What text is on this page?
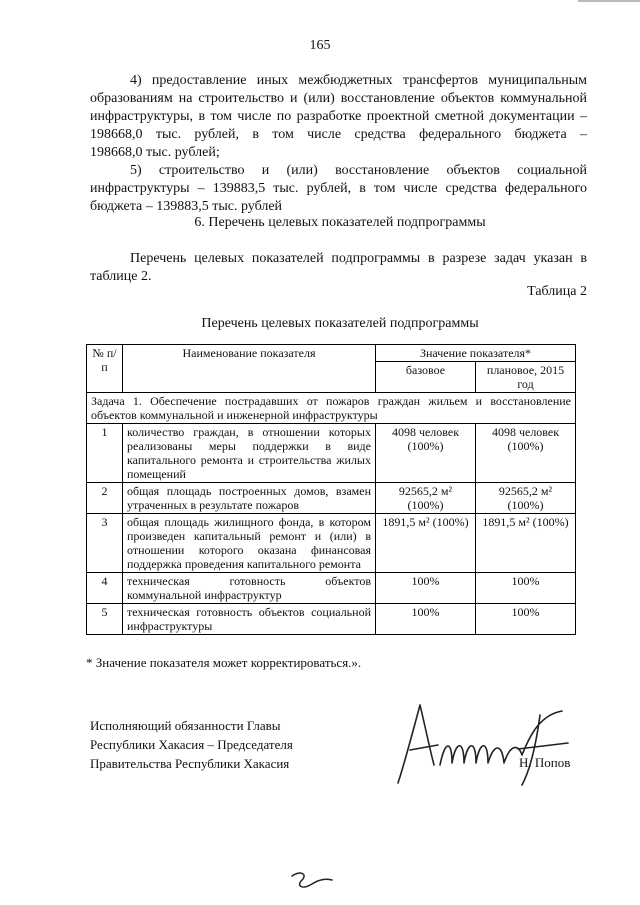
165
4) предоставление иных межбюджетных трансфертов муниципальным
образованиям на строительство и (или) восстановление объектов коммунальной
инфраструктуры, в том числе по разработке проектной сметной документации –
198668,0 тыс. рублей, в том числе средства федерального бюджета –
198668,0 тыс. рублей;
5) строительство и (или) восстановление объектов социальной
инфраструктуры – 139883,5 тыс. рублей, в том числе средства федерального
бюджета – 139883,5 тыс. рублей
6. Перечень целевых показателей подпрограммы
Перечень целевых показателей подпрограммы в разрезе задач указан в
таблице 2.
Таблица 2
Перечень целевых показателей подпрограммы
№ п/п	Наименование показателя	Значение показателя*	
		базовое	плановое, 2015 год
Задача 1. Обеспечение пострадавших от пожаров граждан жильем и восстановление объектов коммунальной и инженерной инфраструктуры			
1	количество граждан, в отношении которых реализованы меры поддержки в виде капитального ремонта и строительства жилых помещений	4098 человек (100%)	4098 человек (100%)
2	общая площадь построенных домов, взамен утраченных в результате пожаров	92565,2 м² (100%)	92565,2 м² (100%)
3	общая площадь жилищного фонда, в котором произведен капитальный ремонт и (или) в отношении которого оказана финансовая поддержка проведения капитального ремонта	1891,5 м² (100%)	1891,5 м² (100%)
4	техническая готовность объектов коммунальной инфраструктур	100%	100%
5	техническая готовность объектов социальной инфраструктуры	100%	100%
* Значение показателя может корректироваться.».
Исполняющий обязанности Главы
Республики Хакасия – Председателя
Правительства Республики Хакасия	Н. Попов
